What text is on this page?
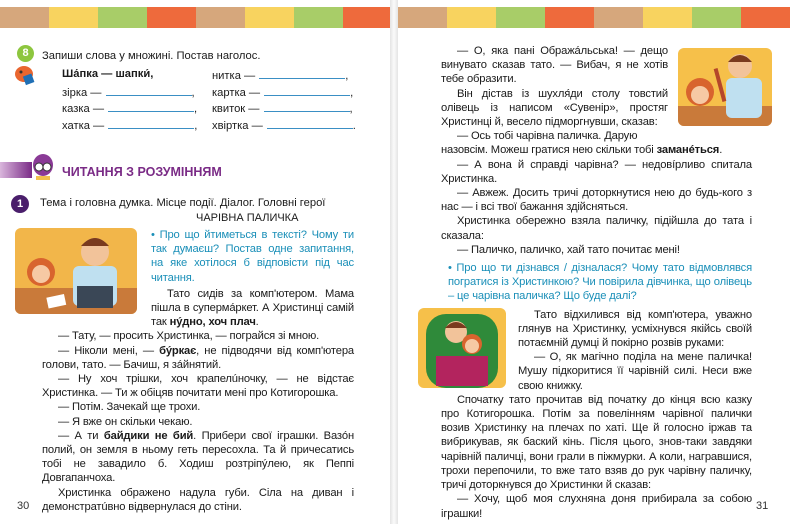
8	Запиши слова у множині. Постав наголос.
Ша́пка — шапки́,
зірка —	,
казка —	,
хатка —	,
нитка —	,
картка —	,
квиток —	,
хвіртка —	.
ЧИТАННЯ З РОЗУМІННЯМ
1	Тема і головна думка. Місце події. Діалог. Головні герої
ЧАРІВНА ПАЛИЧКА
• Про що йтиметься в тексті? Чому ти так думаєш? Постав одне запитання, на яке хотілося б відповісти під час читання.

Тато сидів за комп'ютером. Мама пішла в супермáркет. А Христинці самій так нýдно, хоч плач.

— Тату, — просить Христинка, — пограйся зі мною.

— Ніколи мені, — бýркає, не підводячи від комп'ютера голови, тато. — Бачиш, я зáйнятий.

— Ну хоч трішки, хоч крапелúночку, — не відстає Христинка. — Ти ж обіцяв почитати мені про Котигорошка.

— Потім. Зачекай ще трохи.

— Я вже он скільки чекаю.

— А ти байдики не бий. Прибери свої іграшки. Вазóн полий, он земля в ньому геть пересохла. Та й причесатись тобі не завадило б. Ходиш розтріпýлею, як Пеппі Довгапанчоха.

Христинка ображено надула губи. Сіла на диван і демонстратúвно відвернулася до стіни.

30

— О, яка пані Ображáльська! — дещо винувато сказав тато. — Вибач, я не хотів тебе образити.

Він дістав із шухля́ди столу товстий олівець із написом «Сувенір», простяг Христинці й, весело підморгнувши, сказав:

— Ось тобі чарівна паличка. Дарую

назовсім. Можеш гратися нею скільки тобі заманéться.

— А вона й справді чарівна? — недовíрливо спитала Христинка.

— Авжеж. Досить тричі доторкнутися нею до будь-кого з нас — і всі твої бажання здійсняться.

Христинка обережно взяла паличку, підійшла до тата і сказала:

— Паличко, паличко, хай тато почитає мені!

• Про що ти дізнався / дізналася? Чому тато відмовлявся погратися із Христинкою? Чи повірила дівчинка, що олівець – це чарівна паличка? Що буде далі?

Тато відхилився від комп'ютера, уважно глянув на Христинку, усміхнувся якійсь своїй потаємній думці й покірно розвів руками:

— О, як магічно поділа на мене паличка! Мушу підкоритися її чарівній силі. Неси вже свою книжку.

Спочатку тато прочитав від початку до кінця всю казку про Котигорошка. Потім за повелінням чарівної палички возив Христинку на плечах по хаті. Ще й голосно іржав та вибрикував, як баский кінь. Після цього, знов-таки завдяки чарівній паличці, вони грали в піжмурки. А коли, награвшися, трохи перепочили, то вже тато взяв до рук чарівну паличку, тричі доторкнувся до Христинки й сказав:

— Хочу, щоб моя слухняна доня прибирала за собою іграшки!

31
